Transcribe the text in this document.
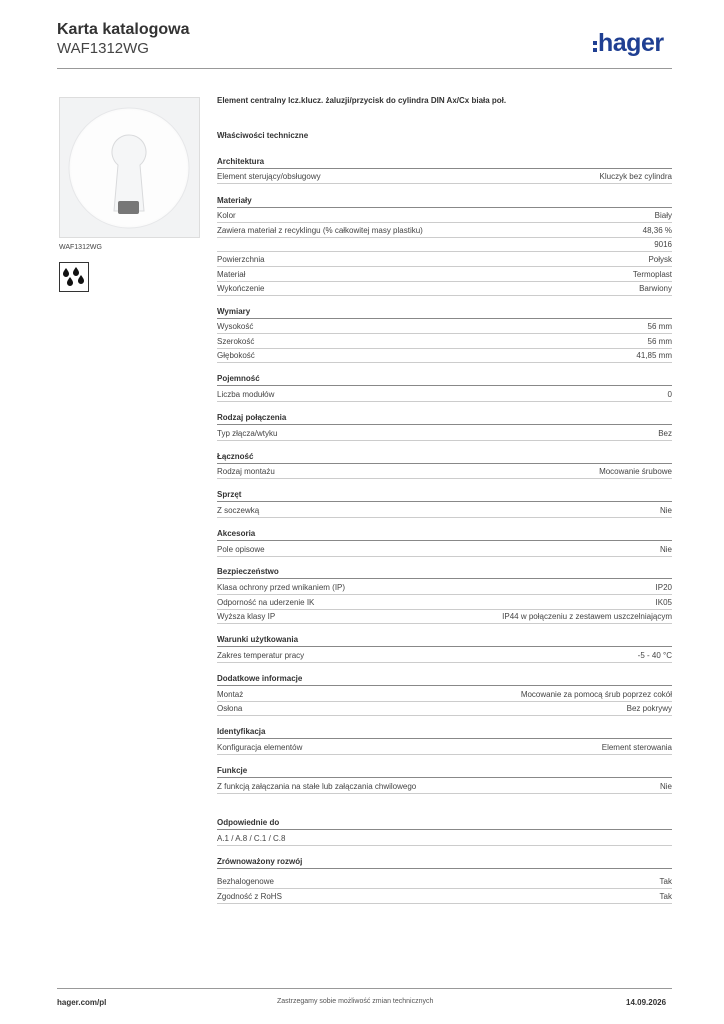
Karta katalogowa
WAF1312WG	hager
WAF1312WG
Element centralny lcz.klucz. żaluzji/przycisk do cylindra DIN Ax/Cx biała poł.
Właściwości techniczne
Architektura
Element sterujący/obsługowy	Kluczyk bez cylindra
Materiały
Kolor	Biały
Zawiera materiał z recyklingu (% całkowitej masy plastiku)	48,36 %
9016
Powierzchnia	Połysk
Materiał	Termoplast
Wykończenie	Barwiony
Wymiary
Wysokość	56 mm
Szerokość	56 mm
Głębokość	41,85 mm
Pojemność
Liczba modułów	0
Rodzaj połączenia
Typ złącza/wtyku	Bez
Łączność
Rodzaj montażu	Mocowanie śrubowe
Sprzęt
Z soczewką	Nie
Akcesoria
Pole opisowe	Nie
Bezpieczeństwo
Klasa ochrony przed wnikaniem (IP)	IP20
Odporność na uderzenie IK	IK05
Wyższa klasy IP	IP44 w połączeniu z zestawem uszczelniającym
Warunki użytkowania
Zakres temperatur pracy	-5 - 40 °C
Dodatkowe informacje
Montaż	Mocowanie za pomocą śrub poprzez cokół
Osłona	Bez pokrywy
Identyfikacja
Konfiguracja elementów	Element sterowania
Funkcje
Z funkcją załączania na stałe lub załączania chwilowego	Nie
Odpowiednie do
A.1 / A.8 / C.1 / C.8
Zrównoważony rozwój
Bezhalogenowe	Tak
Zgodność z RoHS	Tak
hager.com/pl	Zastrzegamy sobie możliwość zmian technicznych	14.09.2026
